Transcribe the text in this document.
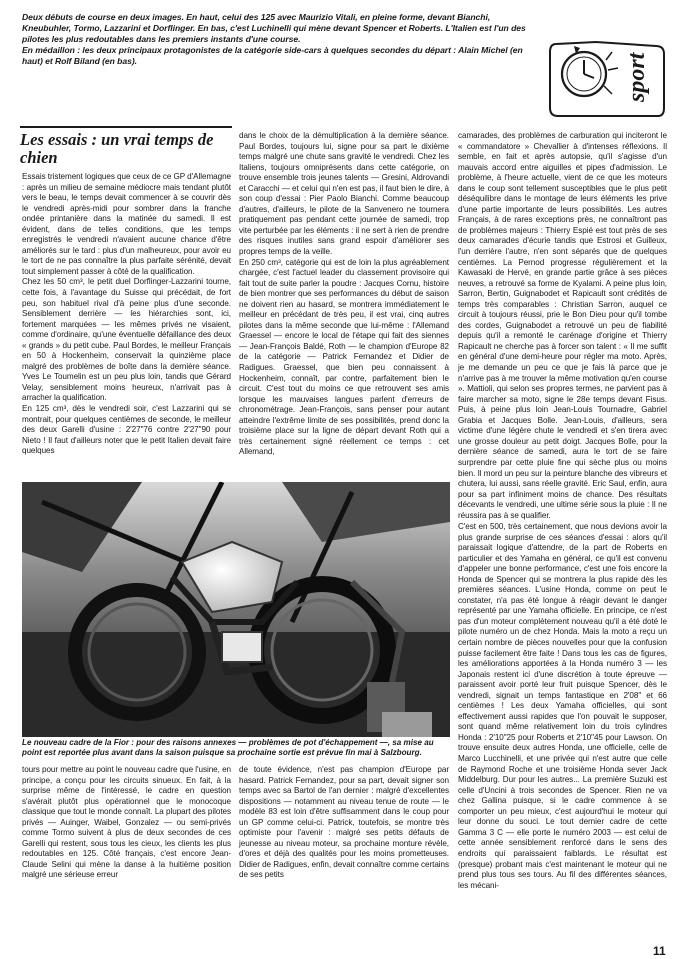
Deux débuts de course en deux images. En haut, celui des 125 avec Maurizio Vitali, en pleine forme, devant Bianchi, Kneubuhler, Tormo, Lazzarini et Dorflinger. En bas, c'est Luchinelli qui mène devant Spencer et Roberts. L'Italien est l'un des pilotes les plus redoutables dans les premiers instants d'une course.
En médaillon : les deux principaux protagonistes de la catégorie side-cars à quelques secondes du départ : Alain Michel (en haut) et Rolf Biland (en bas).	sport
Les essais : un vrai temps de chien

Essais tristement logiques que ceux de ce GP d'Allemagne : après un milieu de semaine médiocre mais tendant plutôt vers le beau, le temps devait commencer à se couvrir dès le vendredi après-midi pour sombrer dans la franche ondée printanière dans la matinée du samedi. Il est évident, dans de telles conditions, que les temps enregistrés le vendredi n'avaient aucune chance d'être améliorés sur le tard : plus d'un malheureux, pour avoir eu le tort de ne pas connaître la plus parfaite sérénité, devait tout simplement passer à côté de la qualification.

Chez les 50 cm³, le petit duel Dorflinger-Lazzarini tourne, cette fois, à l'avantage du Suisse qui précédait, de fort peu, son habituel rival d'à peine plus d'une seconde. Sensiblement derrière — les hiérarchies sont, ici, fortement marquées — les mêmes privés ne visaient, comme d'ordinaire, qu'une éventuelle défaillance des deux « grands » du petit cube. Paul Bordes, le meilleur Français en 50 à Hockenheim, conservait la quinzième place malgré des problèmes de boîte dans la dernière séance. Yves Le Toumelin est un peu plus loin, tandis que Gérard Velay, sensiblement moins heureux, n'arrivait pas à arracher la qualification.

En 125 cm³, dès le vendredi soir, c'est Lazzarini qui se montrait, pour quelques centièmes de seconde, le meilleur des deux Garelli d'usine : 2'27"76 contre 2'27"90 pour Nieto ! Il faut d'ailleurs noter que le petit Italien devait faire quelques

dans le choix de la démultiplication à la dernière séance. Paul Bordes, toujours lui, signe pour sa part le dixième temps malgré une chute sans gravité le vendredi. Chez les Italiens, toujours omniprésents dans cette catégorie, on trouve ensemble trois jeunes talents — Gresini, Aldrovandi et Caracchi — et celui qui n'en est pas, il faut bien le dire, à son coup d'essai : Pier Paolo Bianchi. Comme beaucoup d'autres, d'ailleurs, le pilote de la Sanvenero ne tournera pratiquement pas pendant cette journée de samedi, trop vite perturbée par les éléments : il ne sert à rien de prendre des risques inutiles sans grand espoir d'améliorer ses propres temps de la veille.

En 250 cm³, catégorie qui est de loin la plus agréablement chargée, c'est l'actuel leader du classement provisoire qui fait tout de suite parler la poudre : Jacques Cornu, histoire de bien montrer que ses performances du début de saison ne doivent rien au hasard, se montrera immédiatement le meilleur en précédant de très peu, il est vrai, cinq autres pilotes dans la même seconde que lui-même : l'Allemand Graessel — encore le local de l'étape qui fait des siennes — Jean-François Baldé, Roth — le champion d'Europe 82 de la catégorie — Patrick Fernandez et Didier de Radigues. Graessel, que bien peu connaissent à Hockenheim, connaît, par contre, parfaitement bien le circuit. C'est tout du moins ce que retrouvent ses amis lorsque les mauvaises langues parlent d'erreurs de chronométrage. Jean-François, sans penser pour autant atteindre l'extrême limite de ses possibilités, prend donc la troisième place sur la ligne de départ devant Roth qui a très certainement signé réellement ce temps : cet Allemand,

camarades, des problèmes de carburation qui inciteront le « commandatore » Chevallier à d'intenses réflexions. Il semble, en fait et après autopsie, qu'il s'agisse d'un mauvais accord entre aiguilles et pipes d'admission. Le problème, à l'heure actuelle, vient de ce que les moteurs dans le coup sont tellement susceptibles que le plus petit déséquilibre dans le montage de leurs éléments les prive d'une partie importante de leurs possibilités. Les autres Français, à de rares exceptions près, ne connaîtront pas de problèmes majeurs : Thierry Espié est tout près de ses deux camarades d'écurie tandis que Estrosi et Guilleux, l'un derrière l'autre, n'en sont séparés que de quelques centièmes. La Pernod progresse régulièrement et la Kawasaki de Hervé, en grande partie grâce à ses pièces neuves, a retrouvé sa forme de Kyalami. A peine plus loin, Sarron, Bertin, Guignabodet et Rapicault sont crédités de temps très comparables : Christian Sarron, auquel ce circuit à toujours réussi, prie le Bon Dieu pour qu'il tombe des cordes, Guignabodet a retrouvé un peu de fiabilité depuis qu'il a remonté le carénage d'origine et Thierry Rapicault ne cherche pas à forcer son talent : « Il me suffit en général d'une demi-heure pour régler ma moto. Après, je me demande un peu ce que je fais là parce que je n'arrive pas à me trouver la même motivation qu'en course ». Mattioli, qui selon ses propres termes, ne parvient pas à faire marcher sa moto, signe le 28e temps devant Fisus. Puis, à peine plus loin Jean-Louis Tournadre, Gabriel Grabia et Jacques Bolle. Jean-Louis, d'ailleurs, sera victime d'une légère chute le vendredi et s'en tirera avec une grosse douleur au petit doigt. Jacques Bolle, pour la dernière séance de samedi, aura le tort de se faire surprendre par cette pluie fine qui sèche plus ou moins bien. Il mord un peu sur la peinture blanche des vibreurs et chutera, lui aussi, sans réelle gravité. Eric Saul, enfin, aura pour sa part infiniment moins de chance. Des résultats décevants le vendredi, une ultime série sous la pluie : Il ne réussira pas à se qualifier.

C'est en 500, très certainement, que nous devions avoir la plus grande surprise de ces séances d'essai : alors qu'il paraissait logique d'attendre, de la part de Roberts en particulier et des Yamaha en général, ce qu'il est convenu d'appeler une bonne performance, c'est une fois encore la Honda de Spencer qui se montrera la plus rapide dès les premières séances. L'usine Honda, comme on peut le constater, n'a pas été longue à réagir devant le danger représenté par une Yamaha officielle. En principe, ce n'est pas d'un moteur complètement nouveau qu'il a été doté le pilote numéro un de chez Honda. Mais la moto a reçu un certain nombre de pièces nouvelles pour que la confusion puisse facilement être faite ! Dans tous les cas de figures, les améliorations apportées à la Honda numéro 3 — les Japonais restent ici d'une discrétion à toute épreuve — paraissent avoir porté leur fruit puisque Spencer, dès le vendredi, signait un temps fantastique en 2'08" et 66 centièmes ! Les deux Yamaha officielles, qui sont effectivement aussi rapides que l'on pouvait le supposer, sont quand même relativement loin du trois cylindres Honda : 2'10"25 pour Roberts et 2'10"45 pour Lawson. On trouve ensuite deux autres Honda, une officielle, celle de Marco Lucchinelli, et une privée qui n'est autre que celle de Raymond Roche et une troisième Honda sever Jack Middelburg. Dur pour les autres... La première Suzuki est celle d'Uncini à trois secondes de Spencer. Rien ne va chez Gallina puisque, si le cadre commence à se comporter un peu mieux, c'est aujourd'hui le moteur qui leur donne du souci. Le tout dernier cadre de cette Gamma 3 C — elle porte le numéro 2003 — est celui de cette année sensiblement renforcé dans le sens des endroits qui paraissaient faiblards. Le résultat est (presque) probant mais c'est maintenant le moteur qui ne prend plus tous ses tours. Au fil des différentes séances, les mécani-

Le nouveau cadre de la Fior : pour des raisons annexes — problèmes de pot d'échappement —, sa mise au point est reportée plus avant dans la saison puisque sa prochaine sortie est prévue fin mai à Salzbourg.

tours pour mettre au point le nouveau cadre que l'usine, en principe, a conçu pour les circuits sinueux. En fait, à la surprise même de l'intéressé, le cadre en question s'avérait plutôt plus opérationnel que le monocoque classique que tout le monde connaît. La plupart des pilotes privés — Auinger, Waibel, Gonzalez — ou semi-privés comme Tormo suivent à plus de deux secondes de ces Garelli qui restent, sous tous les cieux, les clients les plus redoutables en 125. Côté français, c'est encore Jean-Claude Selini qui mène la danse à la huitième position malgré une sérieuse erreur

de toute évidence, n'est pas champion d'Europe par hasard. Patrick Fernandez, pour sa part, devait signer son temps avec sa Bartol de l'an dernier : malgré d'excellentes dispositions — notamment au niveau tenue de route — le modèle 83 est loin d'être suffisamment dans le coup pour un GP comme celui-ci. Patrick, toutefois, se montre très optimiste pour l'avenir : malgré ses petits défauts de jeunesse au niveau moteur, sa prochaine monture révèle, d'ores et déjà des qualités pour les moins prometteuses. Didier de Radigues, enfin, devait connaître comme certains de ses petits

11
